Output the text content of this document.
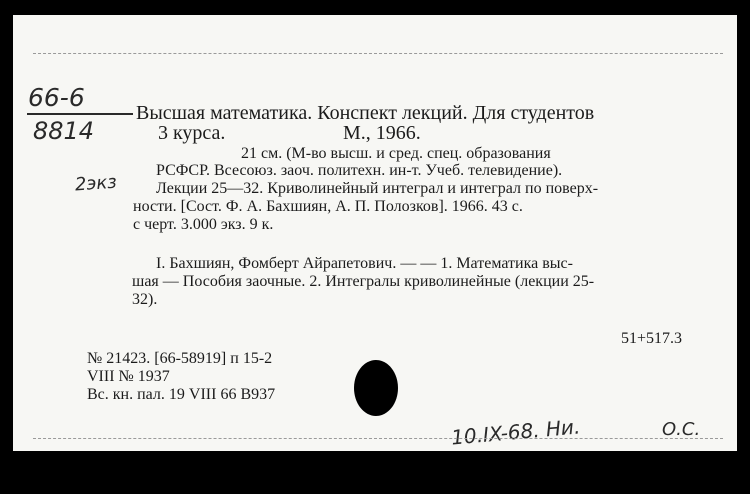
66-6
8814
Высшая математика. Конспект лекций. Для студентов
3 курса.	М., 1966.
21 см. (М-во высш. и сред. спец. образования
РСФСР. Всесоюз. заоч. политехн. ин-т. Учеб. телевидение).
2экз Лекции 25—32. Криволинейный интеграл и интеграл по поверх-
ности. [Сост. Ф. А. Бахшиян, А. П. Полозков]. 1966. 43 с.
с черт. 3.000 экз. 9 к.
I. Бахшиян, Фомберт Айрапетович. — — 1. Математика выс-
шая — Пособия заочные. 2. Интегралы криволинейные (лекции 25-
32).
51+517.3
№ 21423. [66-58919] п 15-2
VIII № 1937
Вс. кн. пал. 19 VIII 66 В937
10.IX-68. Ни.	О.С.
